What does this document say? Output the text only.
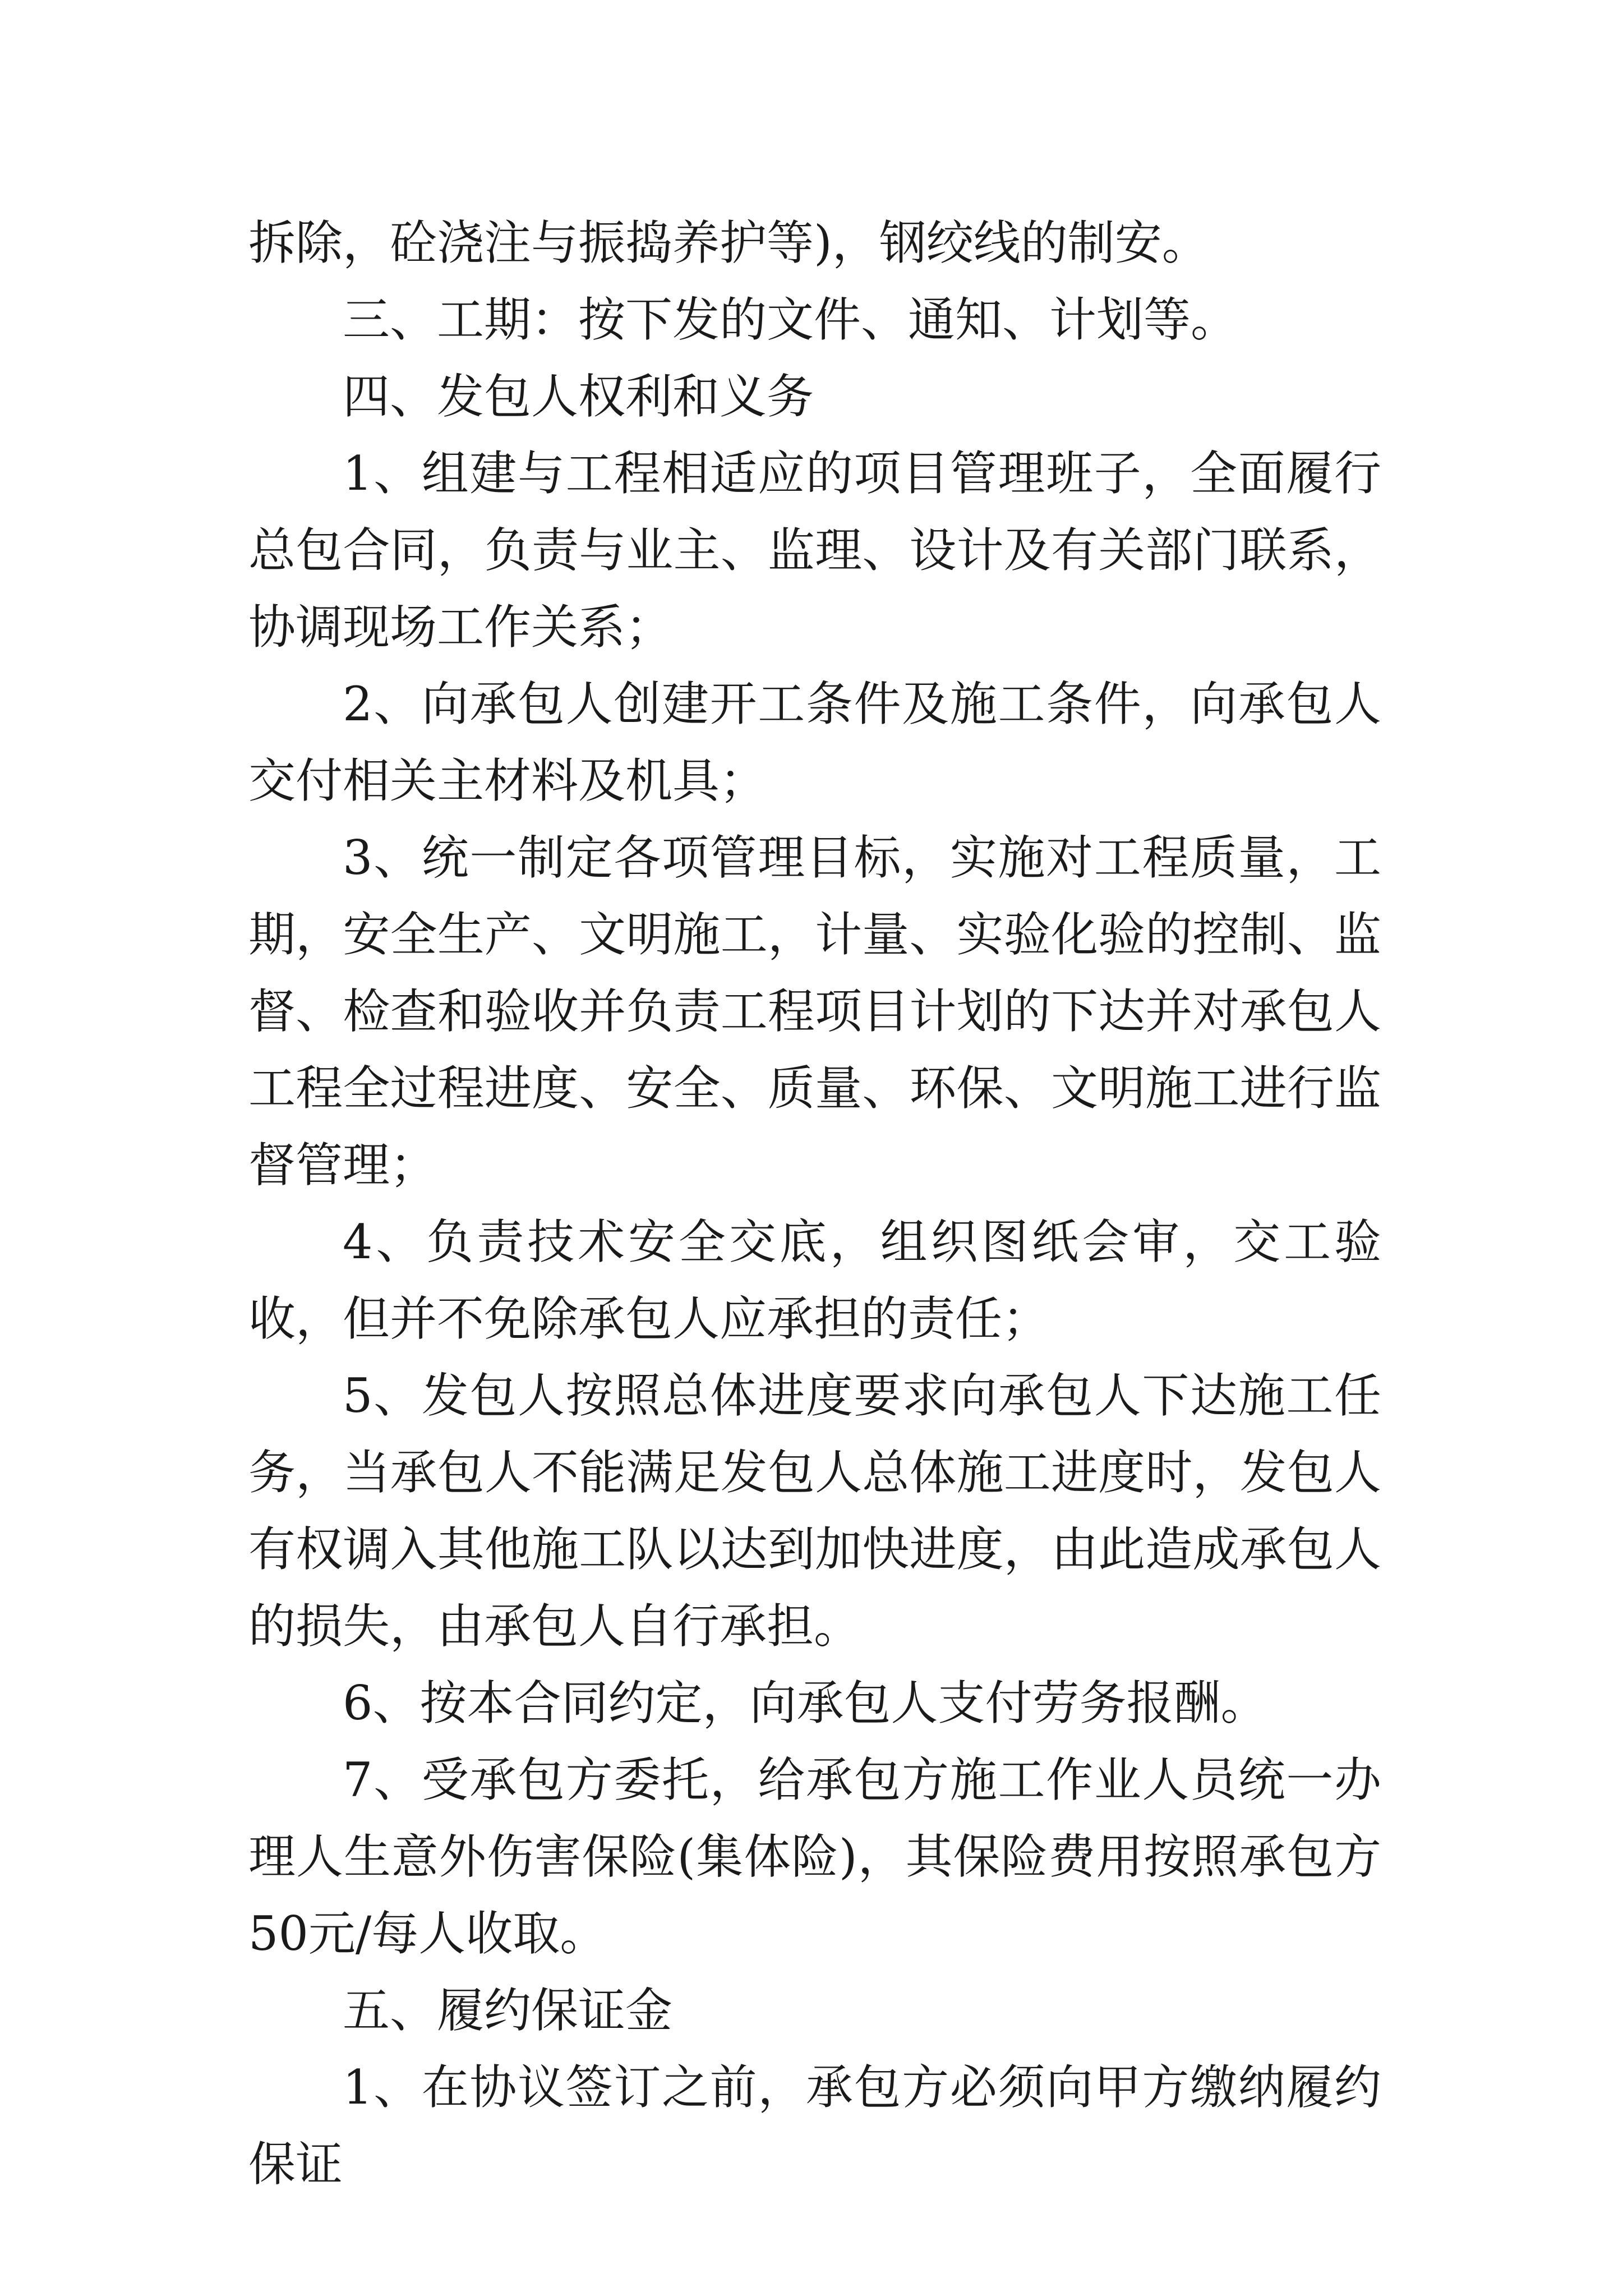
拆除，砼浇注与振捣养护等)，钢绞线的制安。

三、工期：按下发的文件、通知、计划等。

四、发包人权利和义务

1、组建与工程相适应的项目管理班子，全面履行总包合同，负责与业主、监理、设计及有关部门联系，协调现场工作关系；

2、向承包人创建开工条件及施工条件，向承包人交付相关主材料及机具；

3、统一制定各项管理目标，实施对工程质量，工期，安全生产、文明施工，计量、实验化验的控制、监督、检查和验收并负责工程项目计划的下达并对承包人工程全过程进度、安全、质量、环保、文明施工进行监督管理；

4、负责技术安全交底，组织图纸会审，交工验收，但并不免除承包人应承担的责任；

5、发包人按照总体进度要求向承包人下达施工任务，当承包人不能满足发包人总体施工进度时，发包人有权调入其他施工队以达到加快进度，由此造成承包人的损失，由承包人自行承担。

6、按本合同约定，向承包人支付劳务报酬。

7、受承包方委托，给承包方施工作业人员统一办理人生意外伤害保险(集体险)，其保险费用按照承包方50元/每人收取。

五、履约保证金

1、在协议签订之前，承包方必须向甲方缴纳履约保证
